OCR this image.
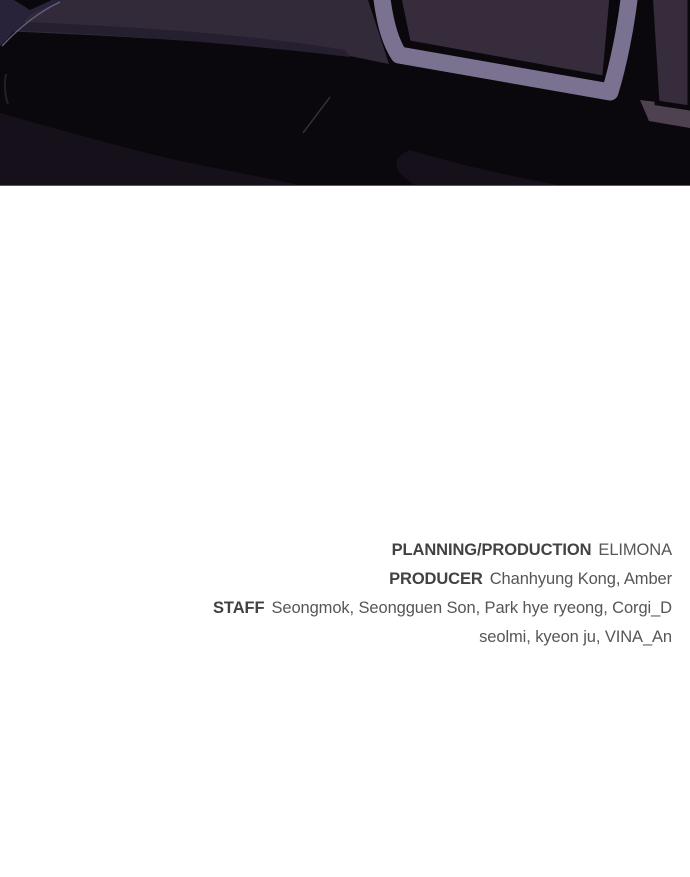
PLANNING/PRODUCTION ELIMONA
PRODUCER Chanhyung Kong, Amber
STAFF Seongmok, Seongguen Son, Park hye ryeong, Corgi_D
seolmi, kyeon ju, VINA_An
